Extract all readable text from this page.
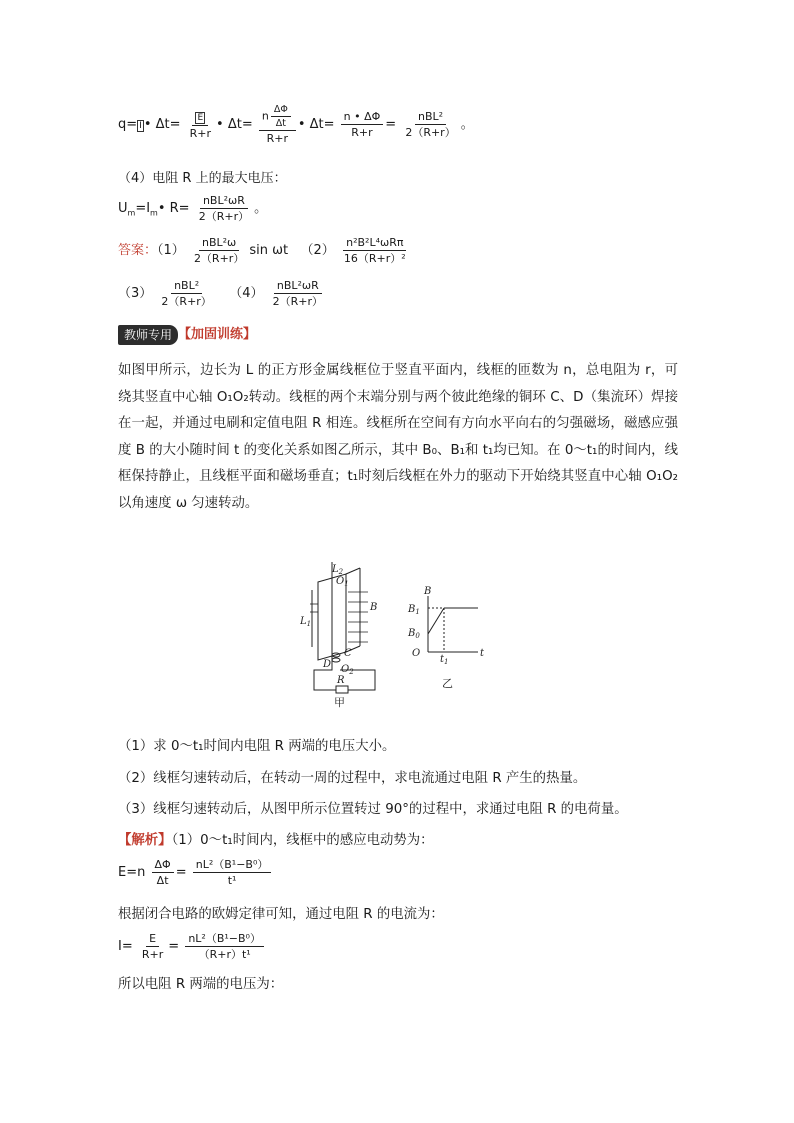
q= I • $\Delta t= \frac{E}{R+r}$ • $\Delta t= \frac{n \frac{\Delta\Phi}{\Delta t}}{R+r}$ • $\Delta t= \frac{n • \Delta\Phi}{R+r} = \frac{\text{nBL²}}{2(R+r)}$ 。
（4）电阻 R 上的最大电压：
$U_m=I_m•$ $R= \frac{\text{nBL²ωR}}{2(R+r)}$ 。
答案：$(1) \frac{\text{nBL²ω}}{2(R+r)}$ sin ωt $(2) \frac{\text{n²B²L⁴ωRπ}}{\text{16（R+r）²}}$
$(3) \frac{\text{nBL²}}{2(R+r)} (4) \frac{\text{nBL²ωR}}{2(R+r)}$
教师专用 【加固训练】
如图甲所示，边长为 L 的正方形金属线框位于竖直平面内，线框的匝数为 n，总电阻为 r，可绕其竖直中心轴 O₁O₂转动。线框的两个末端分别与两个彼此绝缘的铜环 C、D（集流环）焊接在一起，并通过电刷和定值电阻 R 相连。线框所在空间有方向水平向右的匀强磁场，磁感应强度 B 的大小随时间 t 的变化关系如图乙所示，其中 B₀、B₁和 t₁均已知。在 0～t₁的时间内，线框保持静止，且线框平面和磁场垂直；t₁时刻后线框在外力的驱动下开始绕其竖直中心轴 O₁O₂以角速度 ω 匀速转动。
$L_2$
$O_1$
B
$L_1$
C
D $O_2$
R
B
$B_1$
$B_0$
O
$t_1$
t
甲
乙
（1）求 0～t₁时间内电阻 R 两端的电压大小。
（2）线框匀速转动后，在转动一周的过程中，求电流通过电阻 R 产生的热量。
（3）线框匀速转动后，从图甲所示位置转过 90°的过程中，求通过电阻 R 的电荷量。
【解析】（1）0～t₁时间内，线框中的感应电动势为：
$E=n \frac{\Delta\Phi}{\Delta t} = \frac{\text{nL²（B¹−B⁰）}}{\text{t¹}}$
根据闭合电路的欧姆定律可知，通过电阻 R 的电流为：
$I= \frac{E}{R+r} = \frac{\text{nL²（B¹−B⁰）}}{\text{（R+r）t¹}}$
所以电阻 R 两端的电压为：
